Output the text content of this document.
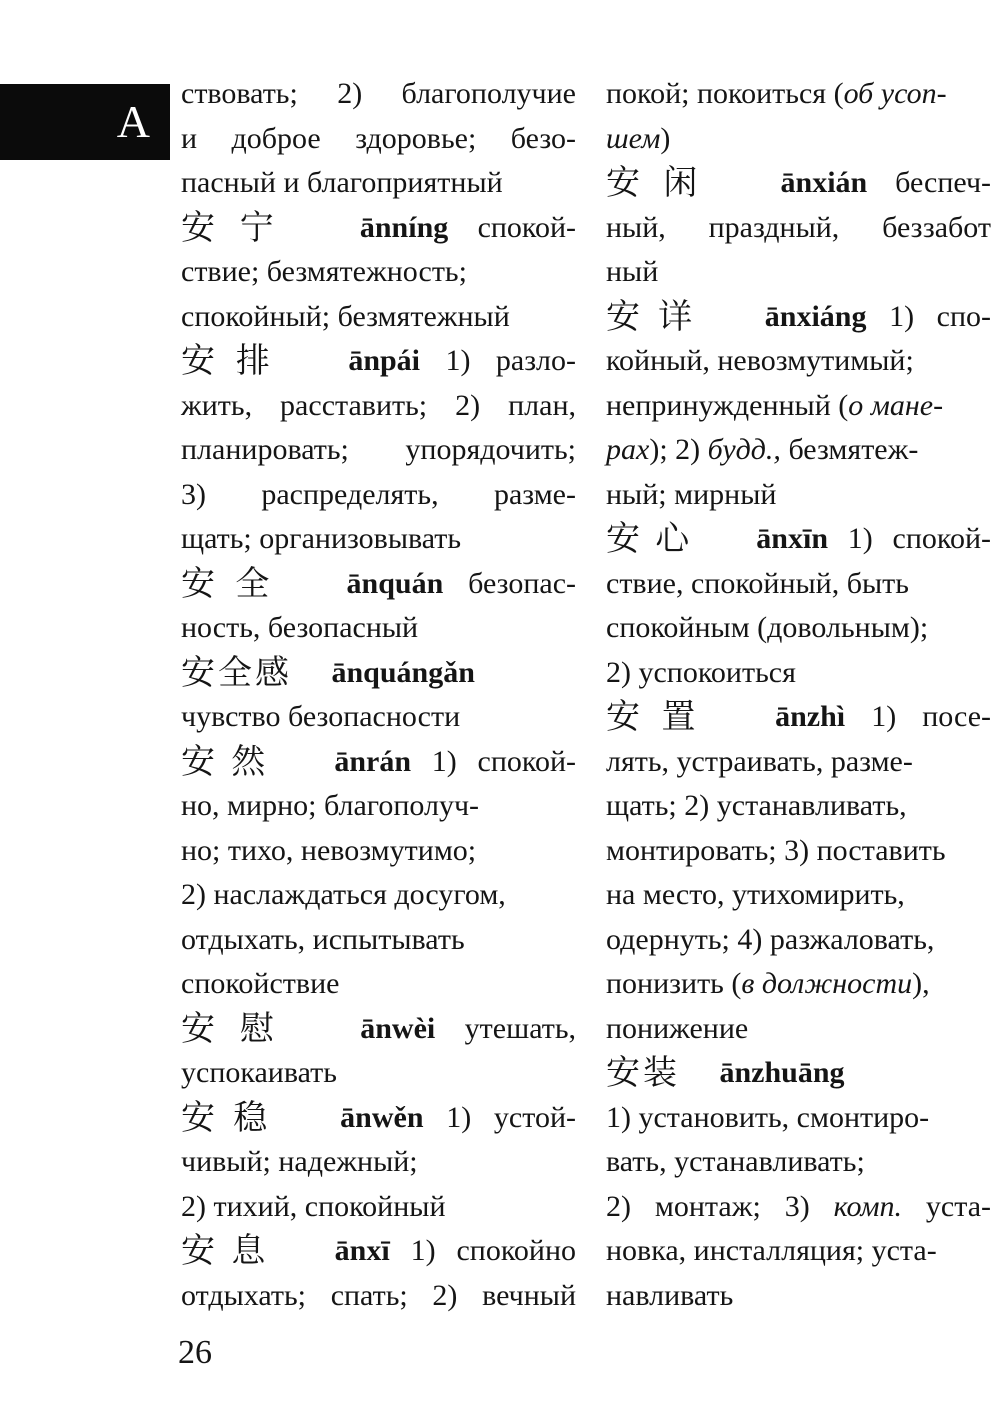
A
ствовать; 2) благополучие
и доброе здоровье; безо-
пасный и благоприятный
安宁 ānníng спокой-
ствие; безмятежность;
спокойный; безмятежный
安排 ānpái 1) разло-
жить, расставить; 2) план,
планировать; упорядочить;
3) распределять, разме-
щать; организовывать
安全 ānquán безопас-
ность, безопасный
安全感 ānquángǎn
чувство безопасности
安然 ānrán 1) спокой-
но, мирно; благополуч-
но; тихо, невозмутимо;
2) наслаждаться досугом,
отдыхать, испытывать
спокойствие
安慰 ānwèi утешать,
успокаивать
安稳 ānwěn 1) устой-
чивый; надежный;
2) тихий, спокойный
安息 ānxī 1) спокойно
отдыхать; спать; 2) вечный
покой; покоиться (об усоп-
шем)
安闲 ānxián беспеч-
ный, праздный, беззабот
ный
安详 ānxiáng 1) спо-
койный, невозмутимый;
непринужденный (о мане-
рах); 2) будд., безмятеж-
ный; мирный
安心 ānxīn 1) спокой-
ствие, спокойный, быть
спокойным (довольным);
2) успокоиться
安置 ānzhì 1) посе-
лять, устраивать, разме-
щать; 2) устанавливать,
монтировать; 3) поставить
на место, утихомирить,
одернуть; 4) разжаловать,
понизить (в должности),
понижение
安装 ānzhuāng
1) установить, смонтиро-
вать, устанавливать;
2) монтаж; 3) комп. уста-
новка, инсталляция; уста-
навливать
26
